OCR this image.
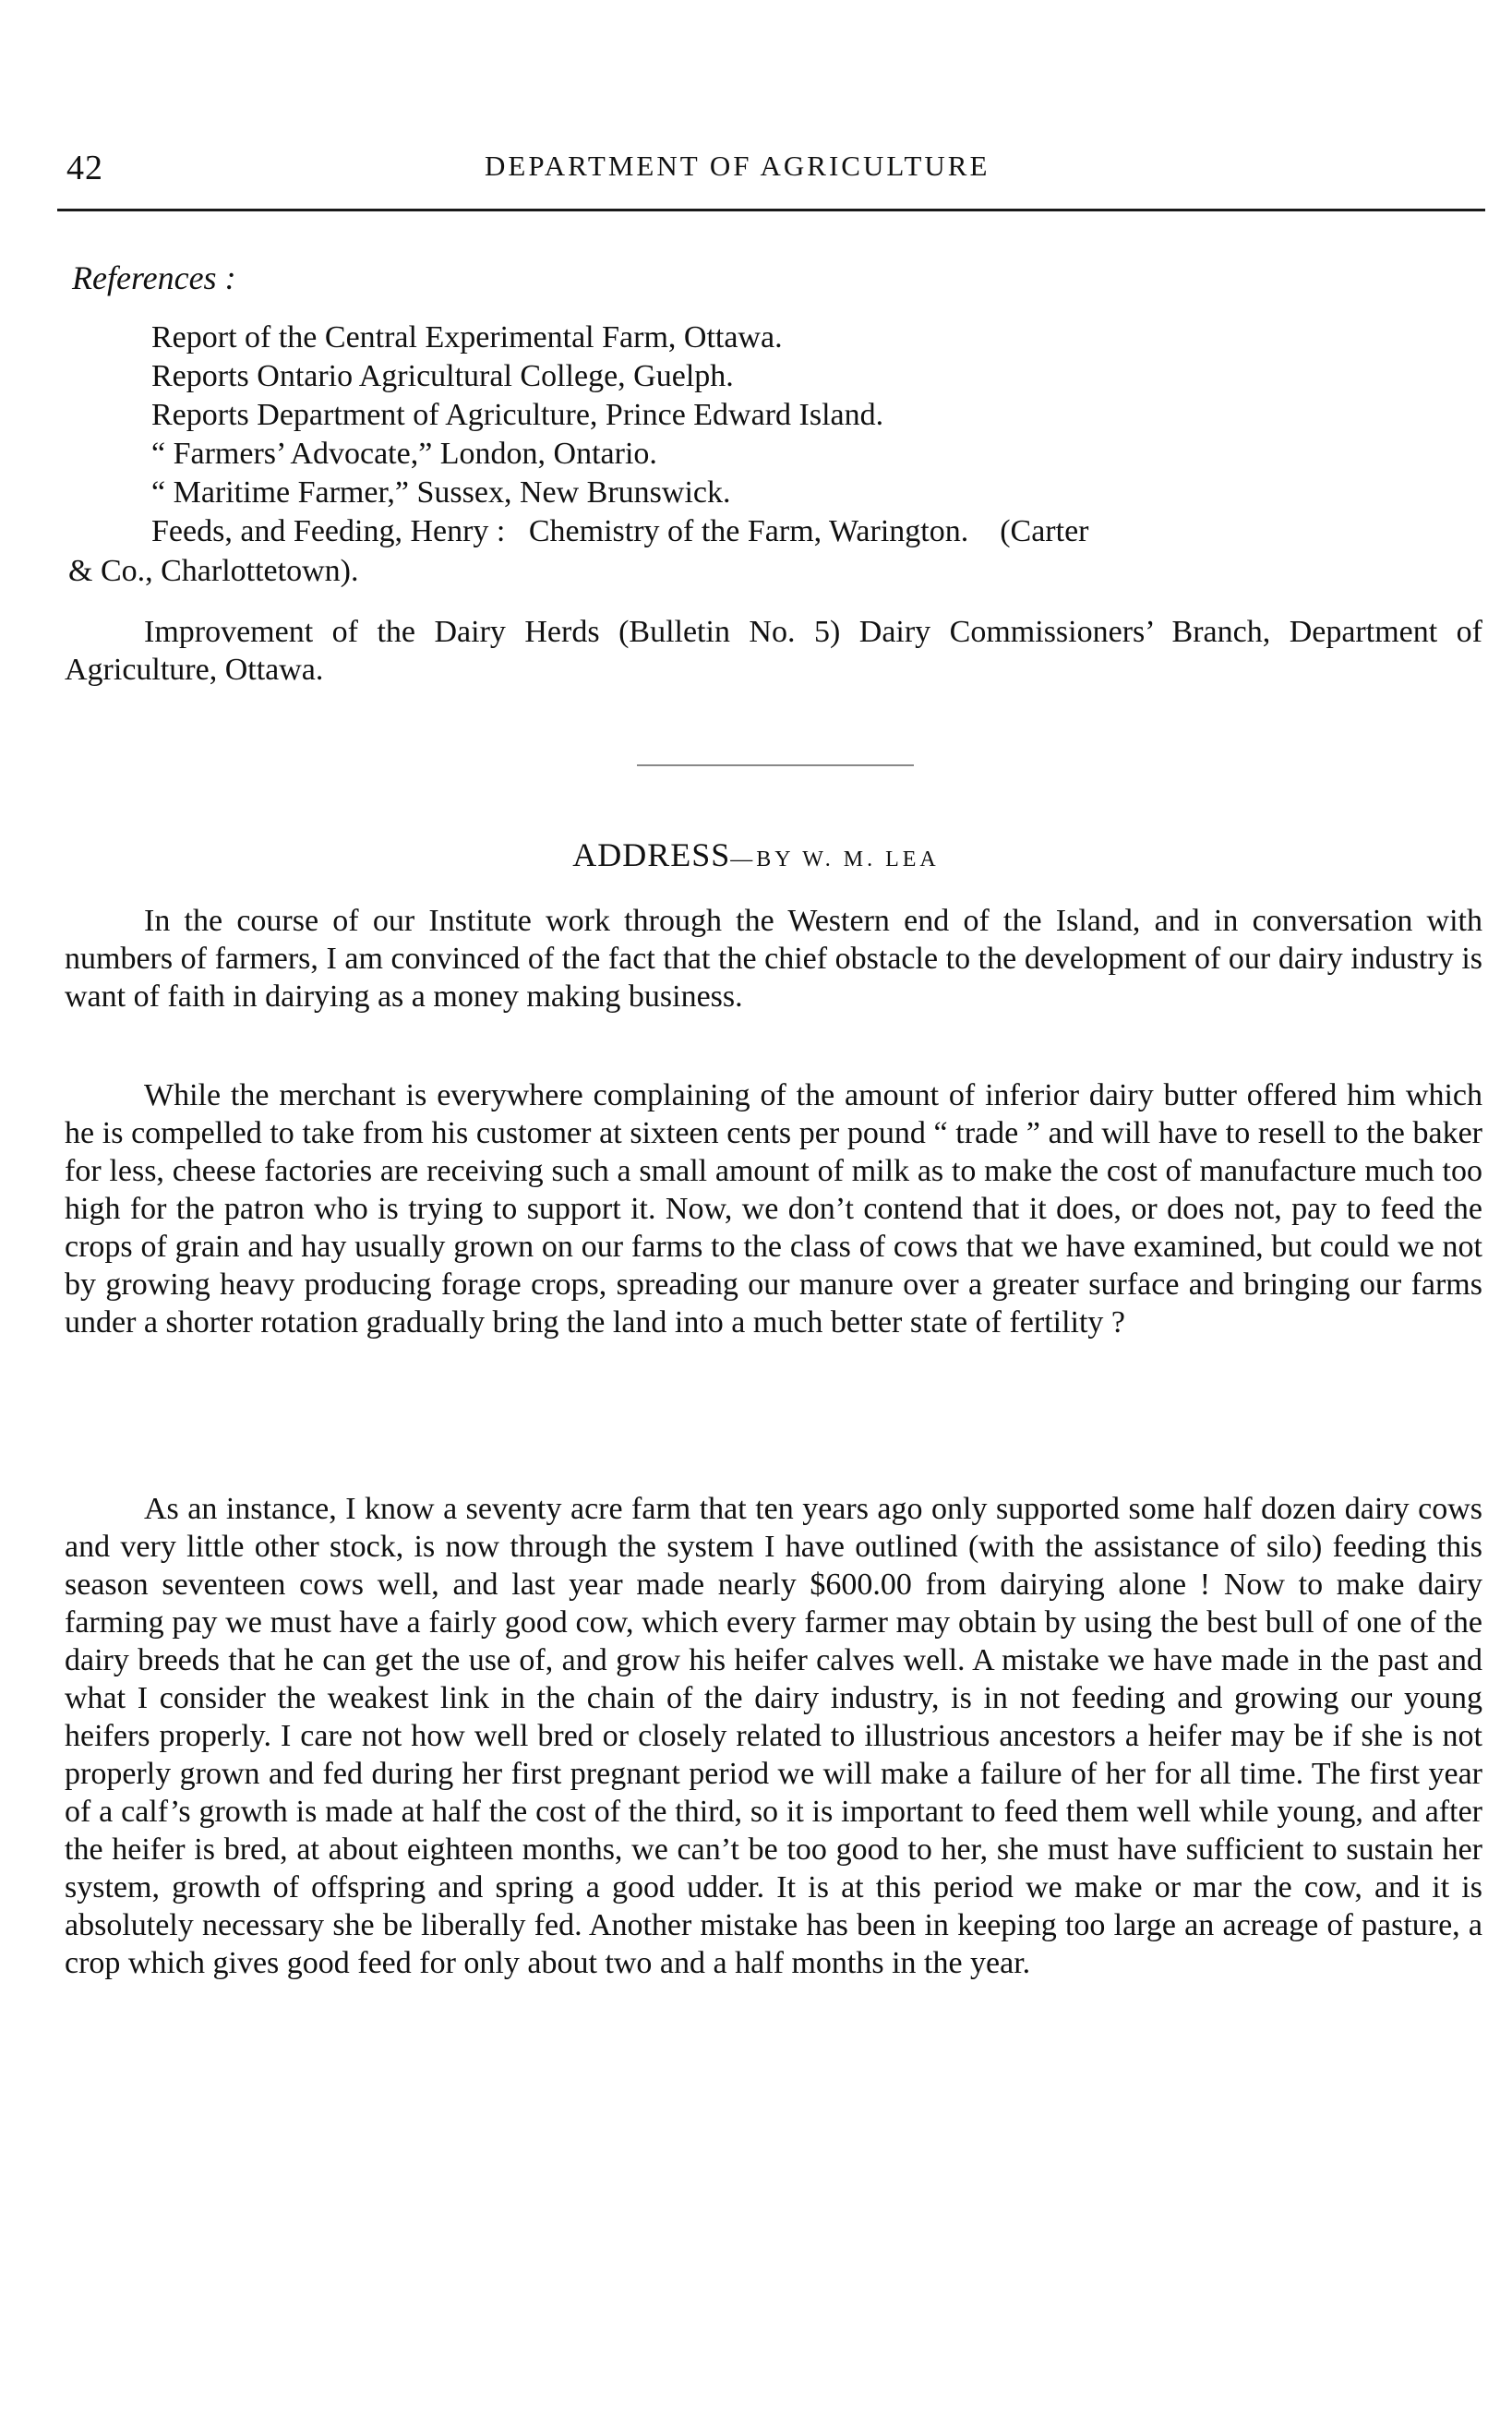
42	DEPARTMENT OF AGRICULTURE
References :
Report of the Central Experimental Farm, Ottawa.
Reports Ontario Agricultural College, Guelph.
Reports Department of Agriculture, Prince Edward Island.
“ Farmers’ Advocate,” London, Ontario.
“ Maritime Farmer,” Sussex, New Brunswick.
Feeds, and Feeding, Henry :   Chemistry of the Farm, Warington.    (Carter
& Co., Charlottetown).

Improvement of the Dairy Herds (Bulletin No. 5) Dairy Commissioners’ Branch, Department of Agriculture, Ottawa.

ADDRESS—BY W. M. LEA

In the course of our Institute work through the Western end of the Island, and in conversation with numbers of farmers, I am convinced of the fact that the chief obstacle to the development of our dairy industry is want of faith in dairying as a money making business.

While the merchant is everywhere complaining of the amount of inferior dairy butter offered him which he is compelled to take from his customer at sixteen cents per pound “ trade ” and will have to resell to the baker for less, cheese factories are receiving such a small amount of milk as to make the cost of manufacture much too high for the patron who is trying to support it. Now, we don’t contend that it does, or does not, pay to feed the crops of grain and hay usually grown on our farms to the class of cows that we have examined, but could we not by growing heavy producing forage crops, spreading our manure over a greater surface and bringing our farms under a shorter rotation gradually bring the land into a much better state of fertility ?

As an instance, I know a seventy acre farm that ten years ago only supported some half dozen dairy cows and very little other stock, is now through the system I have outlined (with the assistance of silo) feeding this season seventeen cows well, and last year made nearly $600.00 from dairying alone ! Now to make dairy farming pay we must have a fairly good cow, which every farmer may obtain by using the best bull of one of the dairy breeds that he can get the use of, and grow his heifer calves well. A mistake we have made in the past and what I consider the weakest link in the chain of the dairy industry, is in not feeding and growing our young heifers properly. I care not how well bred or closely related to illustrious ancestors a heifer may be if she is not properly grown and fed during her first pregnant period we will make a failure of her for all time. The first year of a calf’s growth is made at half the cost of the third, so it is important to feed them well while young, and after the heifer is bred, at about eighteen months, we can’t be too good to her, she must have sufficient to sustain her system, growth of offspring and spring a good udder. It is at this period we make or mar the cow, and it is absolutely necessary she be liberally fed. Another mistake has been in keeping too large an acreage of pasture, a crop which gives good feed for only about two and a half months in the year.
